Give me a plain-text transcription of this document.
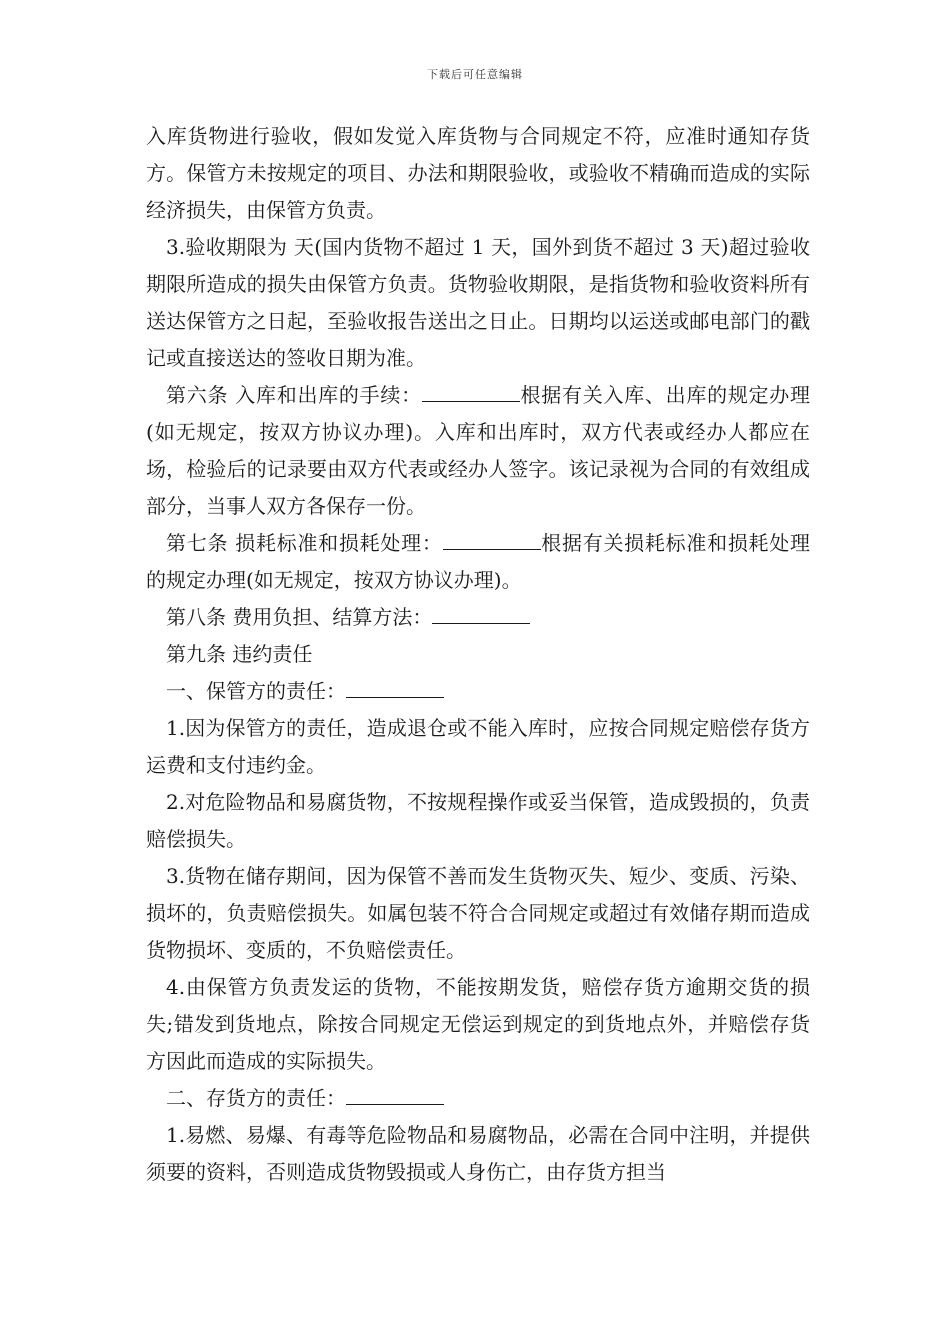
下载后可任意编辑

入库货物进行验收，假如发觉入库货物与合同规定不符，应准时通知存货方。保管方未按规定的项目、办法和期限验收，或验收不精确而造成的实际经济损失，由保管方负责。

3.验收期限为 天(国内货物不超过 1 天，国外到货不超过 3 天)超过验收期限所造成的损失由保管方负责。货物验收期限，是指货物和验收资料所有送达保管方之日起，至验收报告送出之日止。日期均以运送或邮电部门的戳记或直接送达的签收日期为准。

第六条 入库和出库的手续：	根据有关入库、出库的规定办理(如无规定，按双方协议办理)。入库和出库时，双方代表或经办人都应在场，检验后的记录要由双方代表或经办人签字。该记录视为合同的有效组成部分，当事人双方各保存一份。

第七条 损耗标准和损耗处理：	根据有关损耗标准和损耗处理的规定办理(如无规定，按双方协议办理)。

第八条 费用负担、结算方法：

第九条 违约责任

一、保管方的责任：

1.因为保管方的责任，造成退仓或不能入库时，应按合同规定赔偿存货方运费和支付违约金。

2.对危险物品和易腐货物，不按规程操作或妥当保管，造成毁损的，负责赔偿损失。

3.货物在储存期间，因为保管不善而发生货物灭失、短少、变质、污染、损坏的，负责赔偿损失。如属包装不符合合同规定或超过有效储存期而造成货物损坏、变质的，不负赔偿责任。

4.由保管方负责发运的货物，不能按期发货，赔偿存货方逾期交货的损失;错发到货地点，除按合同规定无偿运到规定的到货地点外，并赔偿存货方因此而造成的实际损失。

二、存货方的责任：

1.易燃、易爆、有毒等危险物品和易腐物品，必需在合同中注明，并提供须要的资料，否则造成货物毁损或人身伤亡，由存货方担当
